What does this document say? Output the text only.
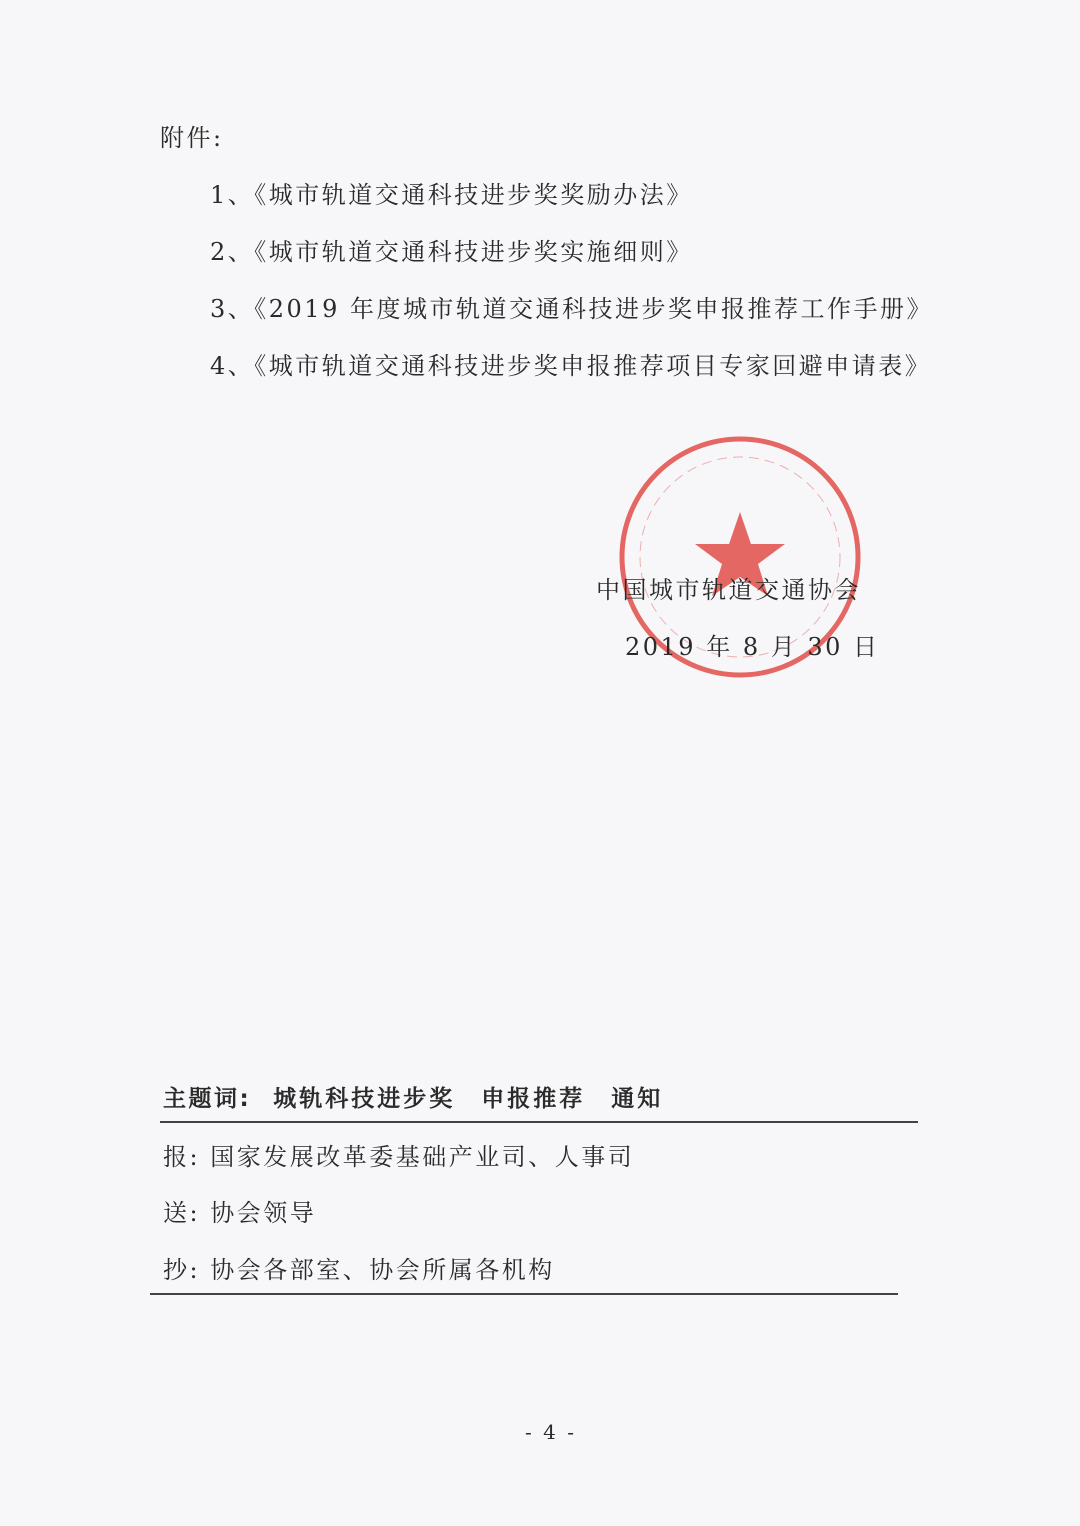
附件:
1、《城市轨道交通科技进步奖奖励办法》
2、《城市轨道交通科技进步奖实施细则》
3、《2019 年度城市轨道交通科技进步奖申报推荐工作手册》
4、《城市轨道交通科技进步奖申报推荐项目专家回避申请表》
中国城市轨道交通协会
2019 年 8 月 30 日
主题词: 城轨科技进步奖　申报推荐　通知
报: 国家发展改革委基础产业司、人事司
送: 协会领导
抄: 协会各部室、协会所属各机构
- 4 -
